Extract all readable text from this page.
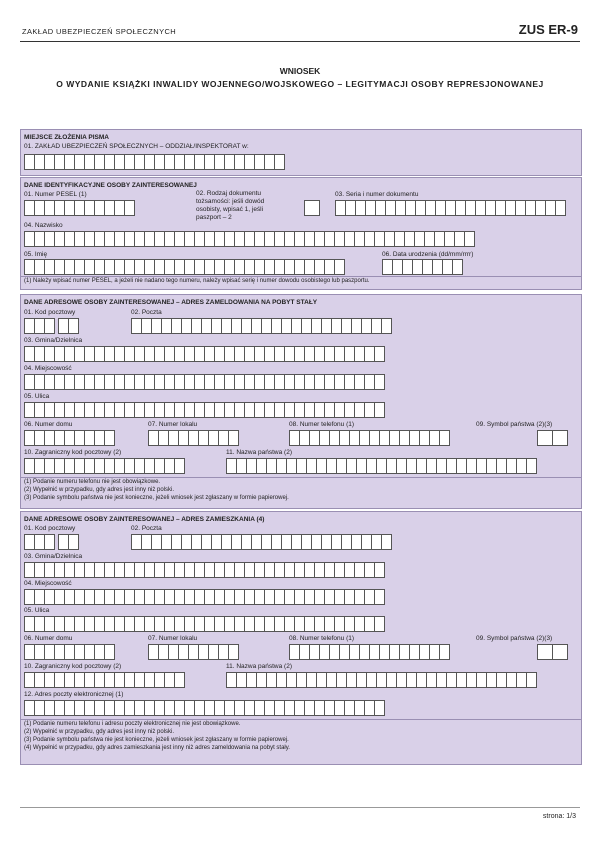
ZAKŁAD UBEZPIECZEŃ SPOŁECZNYCH	ZUS ER-9
WNIOSEK
O WYDANIE KSIĄŻKI INWALIDY WOJENNEGO/WOJSKOWEGO – LEGITYMACJI OSOBY REPRESJONOWANEJ
MIEJSCE ZŁOŻENIA PISMA
01. ZAKŁAD UBEZPIECZEŃ SPOŁECZNYCH – ODDZIAŁ/INSPEKTORAT w:
DANE IDENTYFIKACYJNE OSOBY ZAINTERESOWANEJ
01. Numer PESEL (1)	02. Rodzaj dokumentu
tożsamości: jeśli dowód
osobisty, wpisać 1, jeśli
paszport – 2
03. Seria i numer dokumentu
04. Nazwisko
05. Imię	06. Data urodzenia (dd/mm/rrrr)
(1) Należy wpisać numer PESEL, a jeżeli nie nadano tego numeru, należy wpisać serię i numer dowodu osobistego lub paszportu.
DANE ADRESOWE OSOBY ZAINTERESOWANEJ – ADRES ZAMELDOWANIA NA POBYT STAŁY
01. Kod pocztowy	02. Poczta
03. Gmina/Dzielnica
04. Miejscowość
05. Ulica
06. Numer domu	07. Numer lokalu	08. Numer telefonu (1)	09. Symbol państwa (2)(3)
10. Zagraniczny kod pocztowy (2)	11. Nazwa państwa (2)
(1) Podanie numeru telefonu nie jest obowiązkowe.
(2) Wypełnić w przypadku, gdy adres jest inny niż polski.
(3) Podanie symbolu państwa nie jest konieczne, jeżeli wniosek jest zgłaszany w formie papierowej.
DANE ADRESOWE OSOBY ZAINTERESOWANEJ – ADRES ZAMIESZKANIA (4)
01. Kod pocztowy	02. Poczta
03. Gmina/Dzielnica
04. Miejscowość
05. Ulica
06. Numer domu	07. Numer lokalu	08. Numer telefonu (1)	09. Symbol państwa (2)(3)
10. Zagraniczny kod pocztowy (2)	11. Nazwa państwa (2)
12. Adres poczty elektronicznej (1)
(1) Podanie numeru telefonu i adresu poczty elektronicznej nie jest obowiązkowe.
(2) Wypełnić w przypadku, gdy adres jest inny niż polski.
(3) Podanie symbolu państwa nie jest konieczne, jeżeli wniosek jest zgłaszany w formie papierowej.
(4) Wypełnić w przypadku, gdy adres zamieszkania jest inny niż adres zameldowania na pobyt stały.
strona: 1/3
